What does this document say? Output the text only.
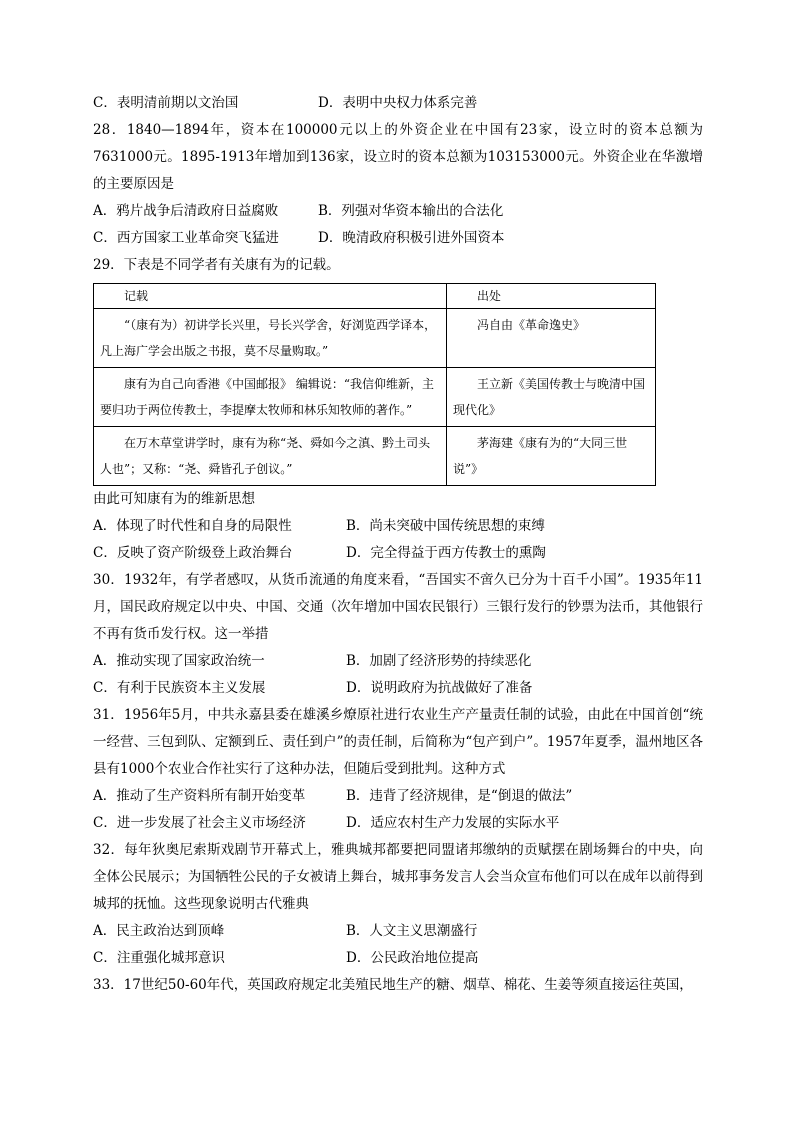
C．表明清前期以文治国	D．表明中央权力体系完善
28．1840—1894年，资本在100000元以上的外资企业在中国有23家，设立时的资本总额为7631000元。1895-1913年增加到136家，设立时的资本总额为103153000元。外资企业在华激增的主要原因是
A．鸦片战争后清政府日益腐败	B．列强对华资本输出的合法化
C．西方国家工业革命突飞猛进	D．晚清政府积极引进外国资本
29．下表是不同学者有关康有为的记载。
记载	出处
“（康有为）初讲学长兴里，号长兴学舍，好浏览西学译本，凡上海广学会出版之书报，莫不尽量购取。”	冯自由《革命逸史》
康有为自己向香港《中国邮报》 编辑说：“我信仰维新，主要归功于两位传教士，李提摩太牧师和林乐知牧师的著作。”	王立新《美国传教士与晚清中国现代化》
在万木草堂讲学时，康有为称“尧、舜如今之滇、黔土司头人也”；又称：“尧、舜皆孔子创议。”	茅海建《康有为的“大同三世说”》
由此可知康有为的维新思想
A．体现了时代性和自身的局限性	B．尚未突破中国传统思想的束缚
C．反映了资产阶级登上政治舞台	D．完全得益于西方传教士的熏陶
30．1932年，有学者感叹，从货币流通的角度来看，“吾国实不啻久已分为十百千小国”。1935年11月，国民政府规定以中央、中国、交通（次年增加中国农民银行）三银行发行的钞票为法币，其他银行不再有货币发行权。这一举措
A．推动实现了国家政治统一	B．加剧了经济形势的持续恶化
C．有利于民族资本主义发展	D．说明政府为抗战做好了准备
31．1956年5月，中共永嘉县委在雄溪乡燎原社进行农业生产产量责任制的试验，由此在中国首创“统一经营、三包到队、定额到丘、责任到户”的责任制，后简称为“包产到户”。1957年夏季，温州地区各县有1000个农业合作社实行了这种办法，但随后受到批判。这种方式
A．推动了生产资料所有制开始变革	B．违背了经济规律，是“倒退的做法”
C．进一步发展了社会主义市场经济	D．适应农村生产力发展的实际水平
32．每年狄奥尼索斯戏剧节开幕式上，雅典城邦都要把同盟诸邦缴纳的贡赋摆在剧场舞台的中央，向全体公民展示；为国牺牲公民的子女被请上舞台，城邦事务发言人会当众宣布他们可以在成年以前得到城邦的抚恤。这些现象说明古代雅典
A．民主政治达到顶峰	B．人文主义思潮盛行
C．注重强化城邦意识	D．公民政治地位提高
33．17世纪50-60年代，英国政府规定北美殖民地生产的糖、烟草、棉花、生姜等须直接运往英国，
